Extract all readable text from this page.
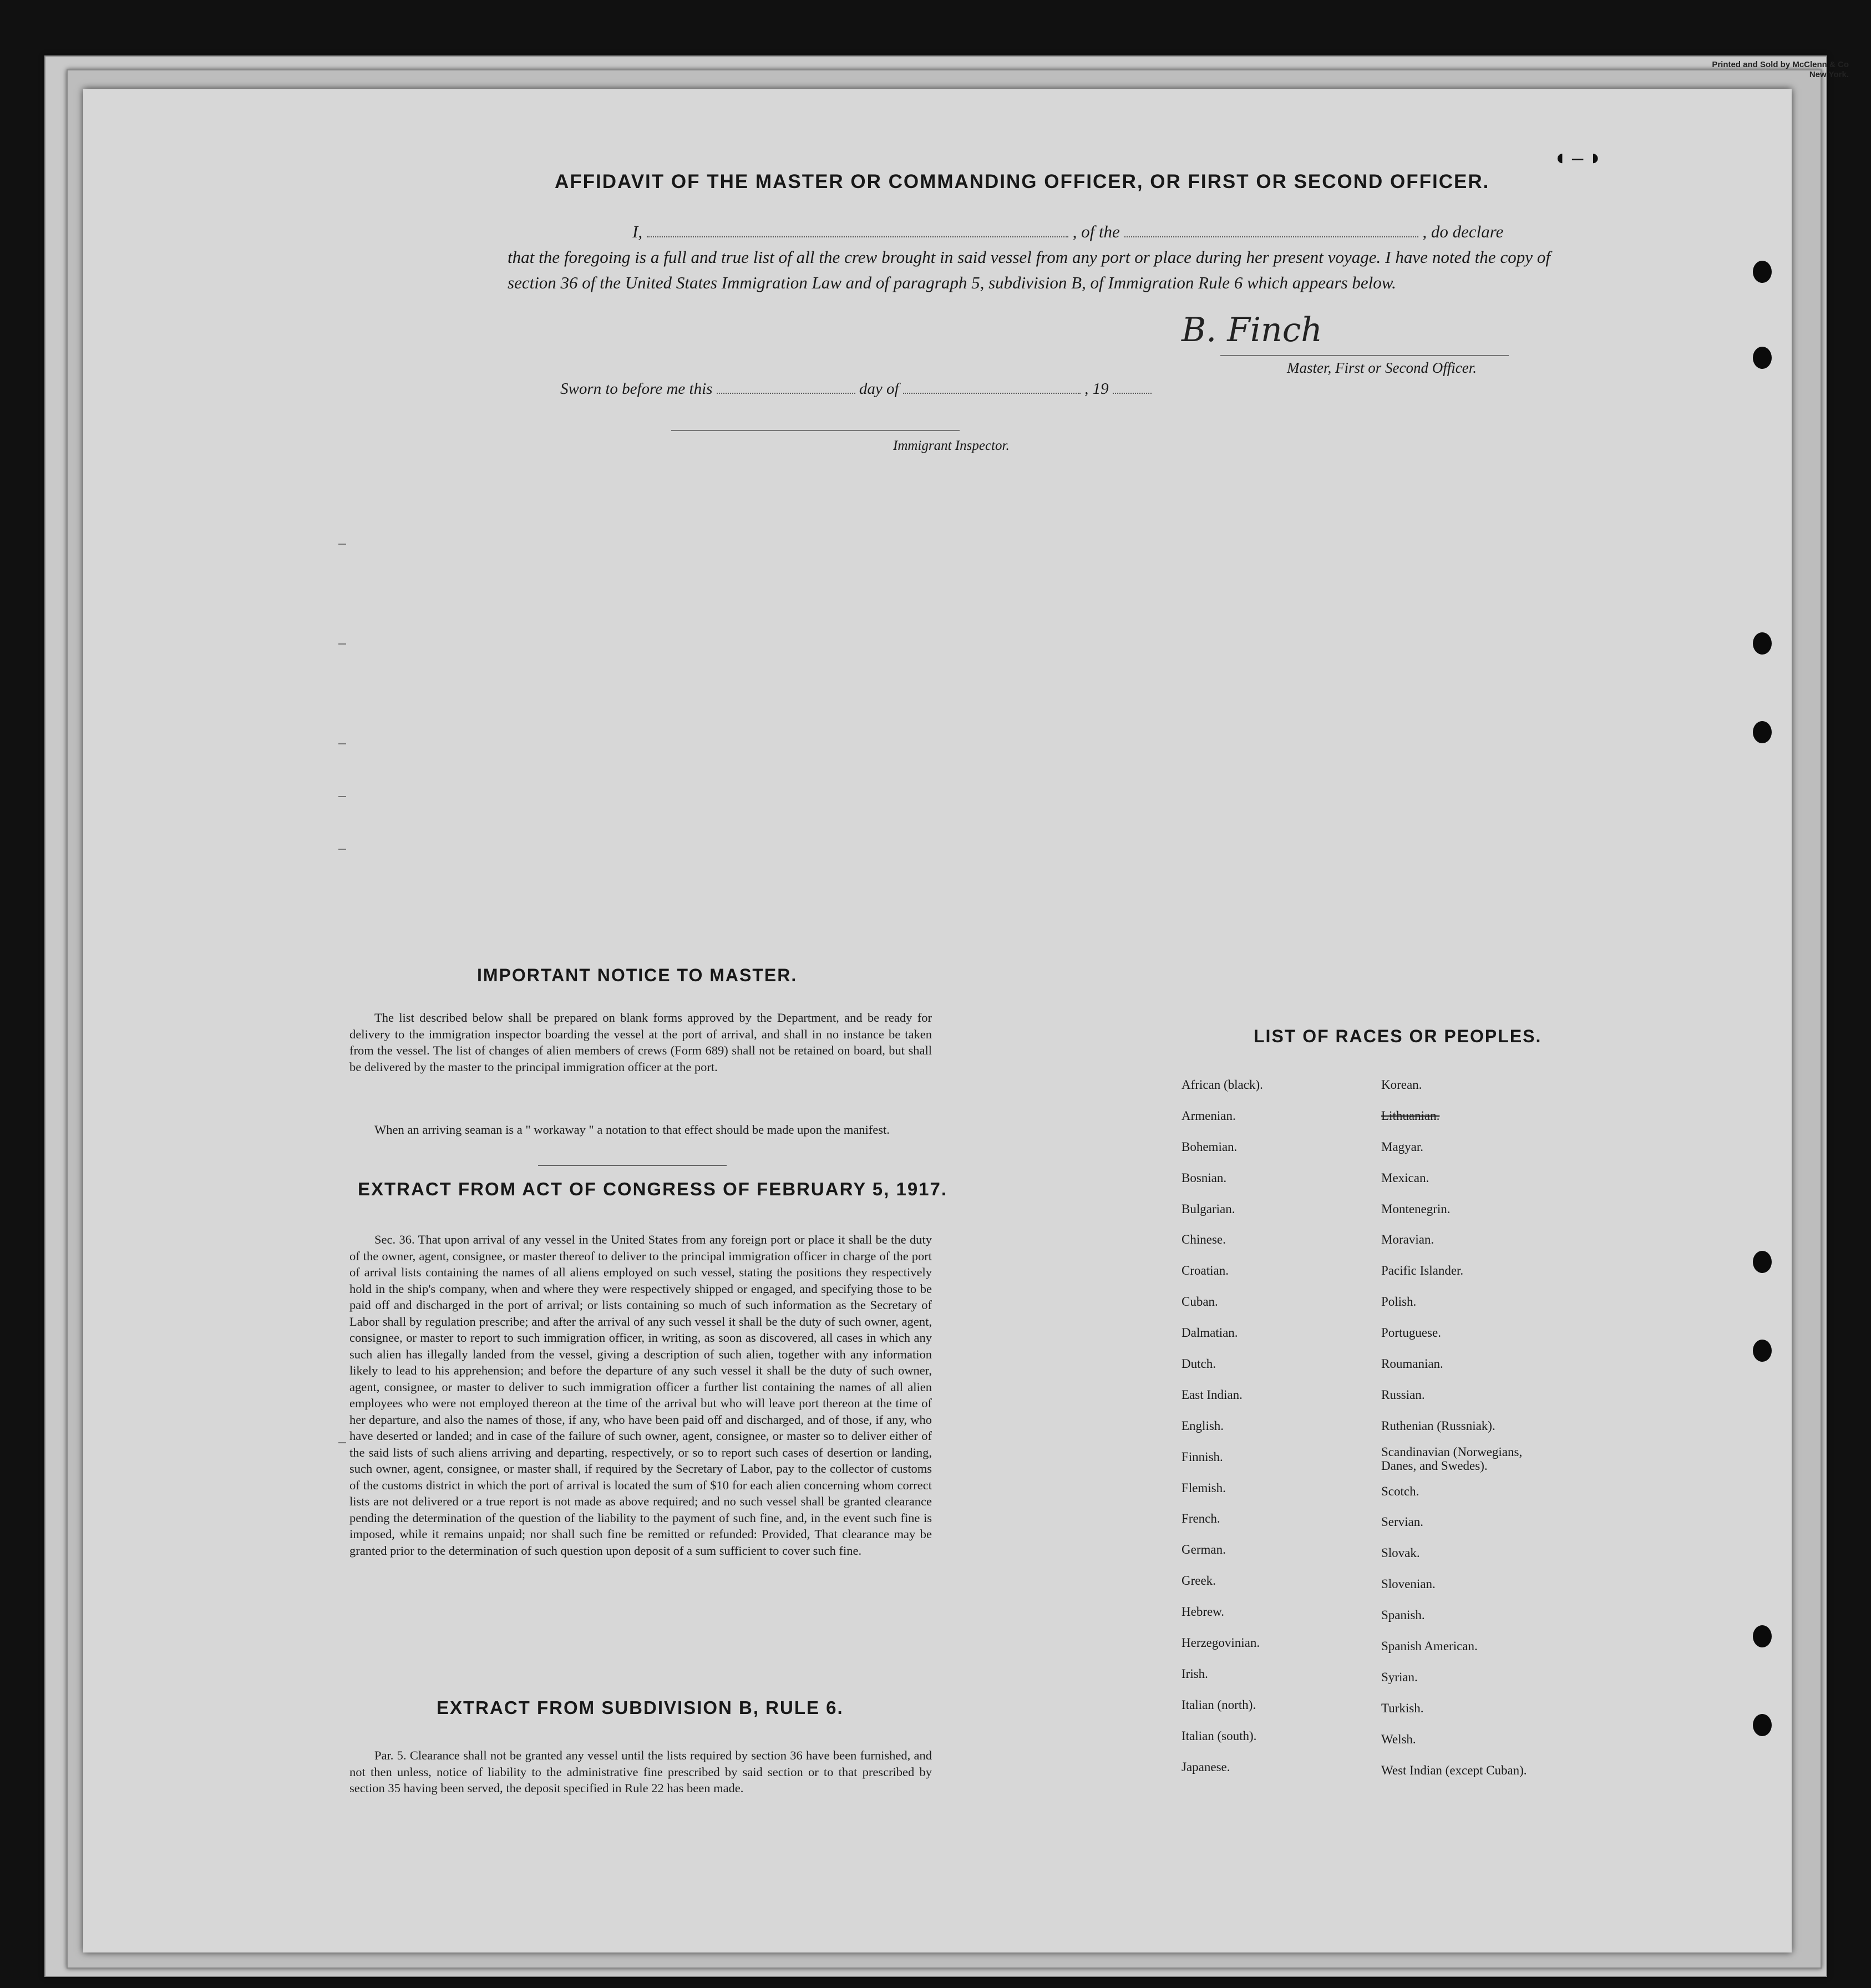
Printed and Sold by McClenn & Co
New York.
◖ ‒ ◗
AFFIDAVIT OF THE MASTER OR COMMANDING OFFICER, OR FIRST OR SECOND OFFICER.
I,	, of the	, do declare
that the foregoing is a full and true list of all the crew brought in said vessel from any port or place during her present voyage. I have noted the copy of section 36 of the United States Immigration Law and of paragraph 5, subdivision B, of Immigration Rule 6 which appears below.
B. Finch
Master, First or Second Officer.
Sworn to before me this	day of	, 19
Immigrant Inspector.
IMPORTANT NOTICE TO MASTER.
The list described below shall be prepared on blank forms approved by the Department, and be ready for delivery to the immigration inspector boarding the vessel at the port of arrival, and shall in no instance be taken from the vessel. The list of changes of alien members of crews (Form 689) shall not be retained on board, but shall be delivered by the master to the principal immigration officer at the port.
When an arriving seaman is a " workaway " a notation to that effect should be made upon the manifest.
EXTRACT FROM ACT OF CONGRESS OF FEBRUARY 5, 1917.
Sec. 36. That upon arrival of any vessel in the United States from any foreign port or place it shall be the duty of the owner, agent, consignee, or master thereof to deliver to the principal immigration officer in charge of the port of arrival lists containing the names of all aliens employed on such vessel, stating the positions they respectively hold in the ship's company, when and where they were respectively shipped or engaged, and specifying those to be paid off and discharged in the port of arrival; or lists containing so much of such information as the Secretary of Labor shall by regulation prescribe; and after the arrival of any such vessel it shall be the duty of such owner, agent, consignee, or master to report to such immigration officer, in writing, as soon as discovered, all cases in which any such alien has illegally landed from the vessel, giving a description of such alien, together with any information likely to lead to his apprehension; and before the departure of any such vessel it shall be the duty of such owner, agent, consignee, or master to deliver to such immigration officer a further list containing the names of all alien employees who were not employed thereon at the time of the arrival but who will leave port thereon at the time of her departure, and also the names of those, if any, who have been paid off and discharged, and of those, if any, who have deserted or landed; and in case of the failure of such owner, agent, consignee, or master so to deliver either of the said lists of such aliens arriving and departing, respectively, or so to report such cases of desertion or landing, such owner, agent, consignee, or master shall, if required by the Secretary of Labor, pay to the collector of customs of the customs district in which the port of arrival is located the sum of $10 for each alien concerning whom correct lists are not delivered or a true report is not made as above required; and no such vessel shall be granted clearance pending the determination of the question of the liability to the payment of such fine, and, in the event such fine is imposed, while it remains unpaid; nor shall such fine be remitted or refunded: Provided, That clearance may be granted prior to the determination of such question upon deposit of a sum sufficient to cover such fine.
EXTRACT FROM SUBDIVISION B, RULE 6.
Par. 5. Clearance shall not be granted any vessel until the lists required by section 36 have been furnished, and not then unless, notice of liability to the administrative fine prescribed by said section or to that prescribed by section 35 having been served, the deposit specified in Rule 22 has been made.
LIST OF RACES OR PEOPLES.
African (black).
Armenian.
Bohemian.
Bosnian.
Bulgarian.
Chinese.
Croatian.
Cuban.
Dalmatian.
Dutch.
East Indian.
English.
Finnish.
Flemish.
French.
German.
Greek.
Hebrew.
Herzegovinian.
Irish.
Italian (north).
Italian (south).
Japanese.
Korean.
Lithuanian.
Magyar.
Mexican.
Montenegrin.
Moravian.
Pacific Islander.
Polish.
Portuguese.
Roumanian.
Russian.
Ruthenian (Russniak).
Scandinavian (Norwegians, Danes, and Swedes).
Scotch.
Servian.
Slovak.
Slovenian.
Spanish.
Spanish American.
Syrian.
Turkish.
Welsh.
West Indian (except Cuban).
